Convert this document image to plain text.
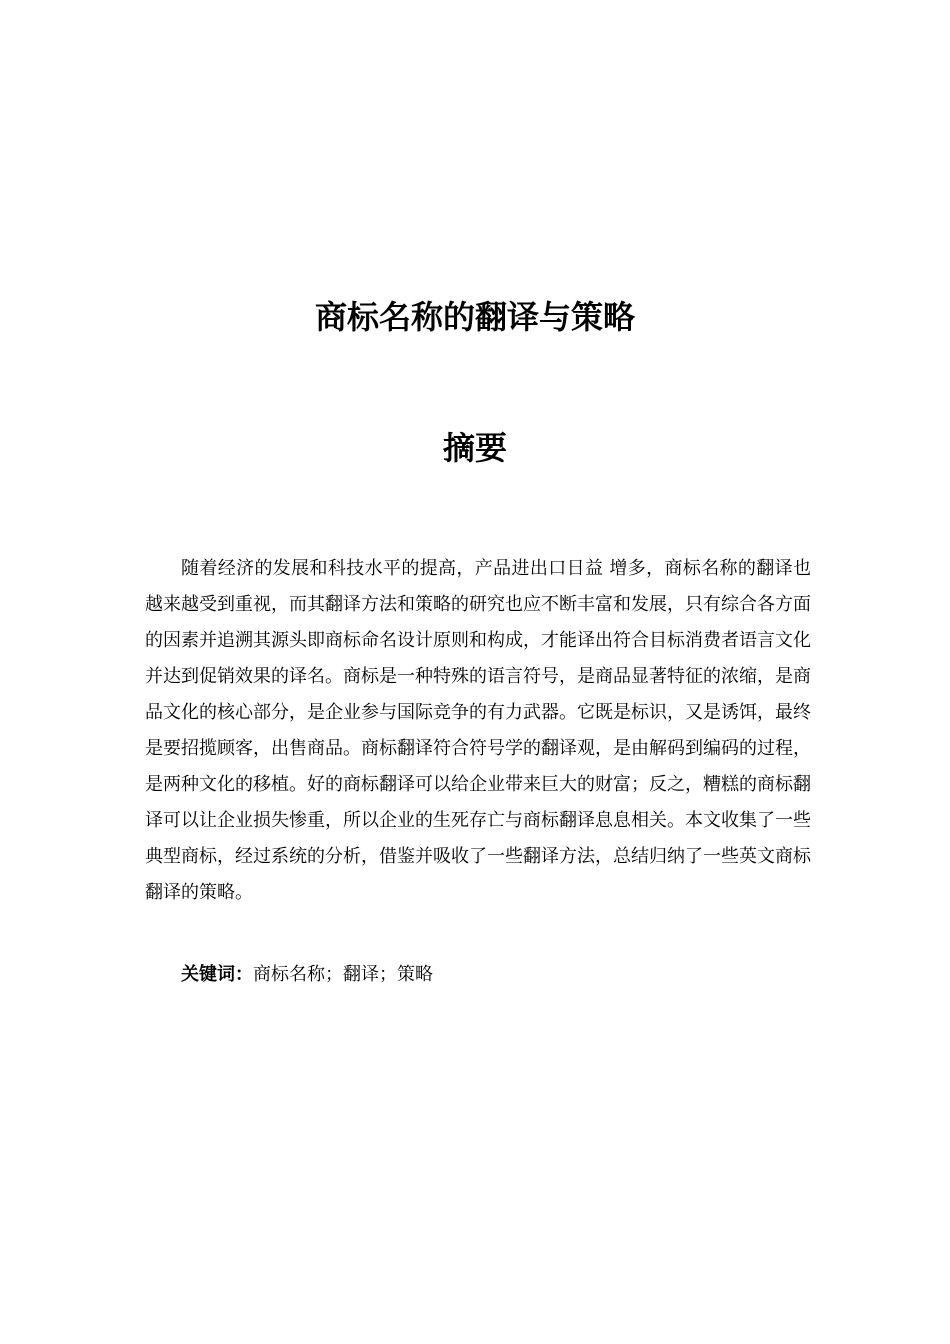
商标名称的翻译与策略
摘要

随着经济的发展和科技水平的提高，产品进出口日益 增多，商标名称的翻译也越来越受到重视，而其翻译方法和策略的研究也应不断丰富和发展，只有综合各方面的因素并追溯其源头即商标命名设计原则和构成，才能译出符合目标消费者语言文化并达到促销效果的译名。商标是一种特殊的语言符号，是商品显著特征的浓缩，是商品文化的核心部分，是企业参与国际竞争的有力武器。它既是标识，又是诱饵，最终是要招揽顾客，出售商品。商标翻译符合符号学的翻译观，是由解码到编码的过程，是两种文化的移植。好的商标翻译可以给企业带来巨大的财富；反之，糟糕的商标翻译可以让企业损失惨重，所以企业的生死存亡与商标翻译息息相关。本文收集了一些典型商标，经过系统的分析，借鉴并吸收了一些翻译方法，总结归纳了一些英文商标翻译的策略。

关键词：商标名称；翻译；策略
